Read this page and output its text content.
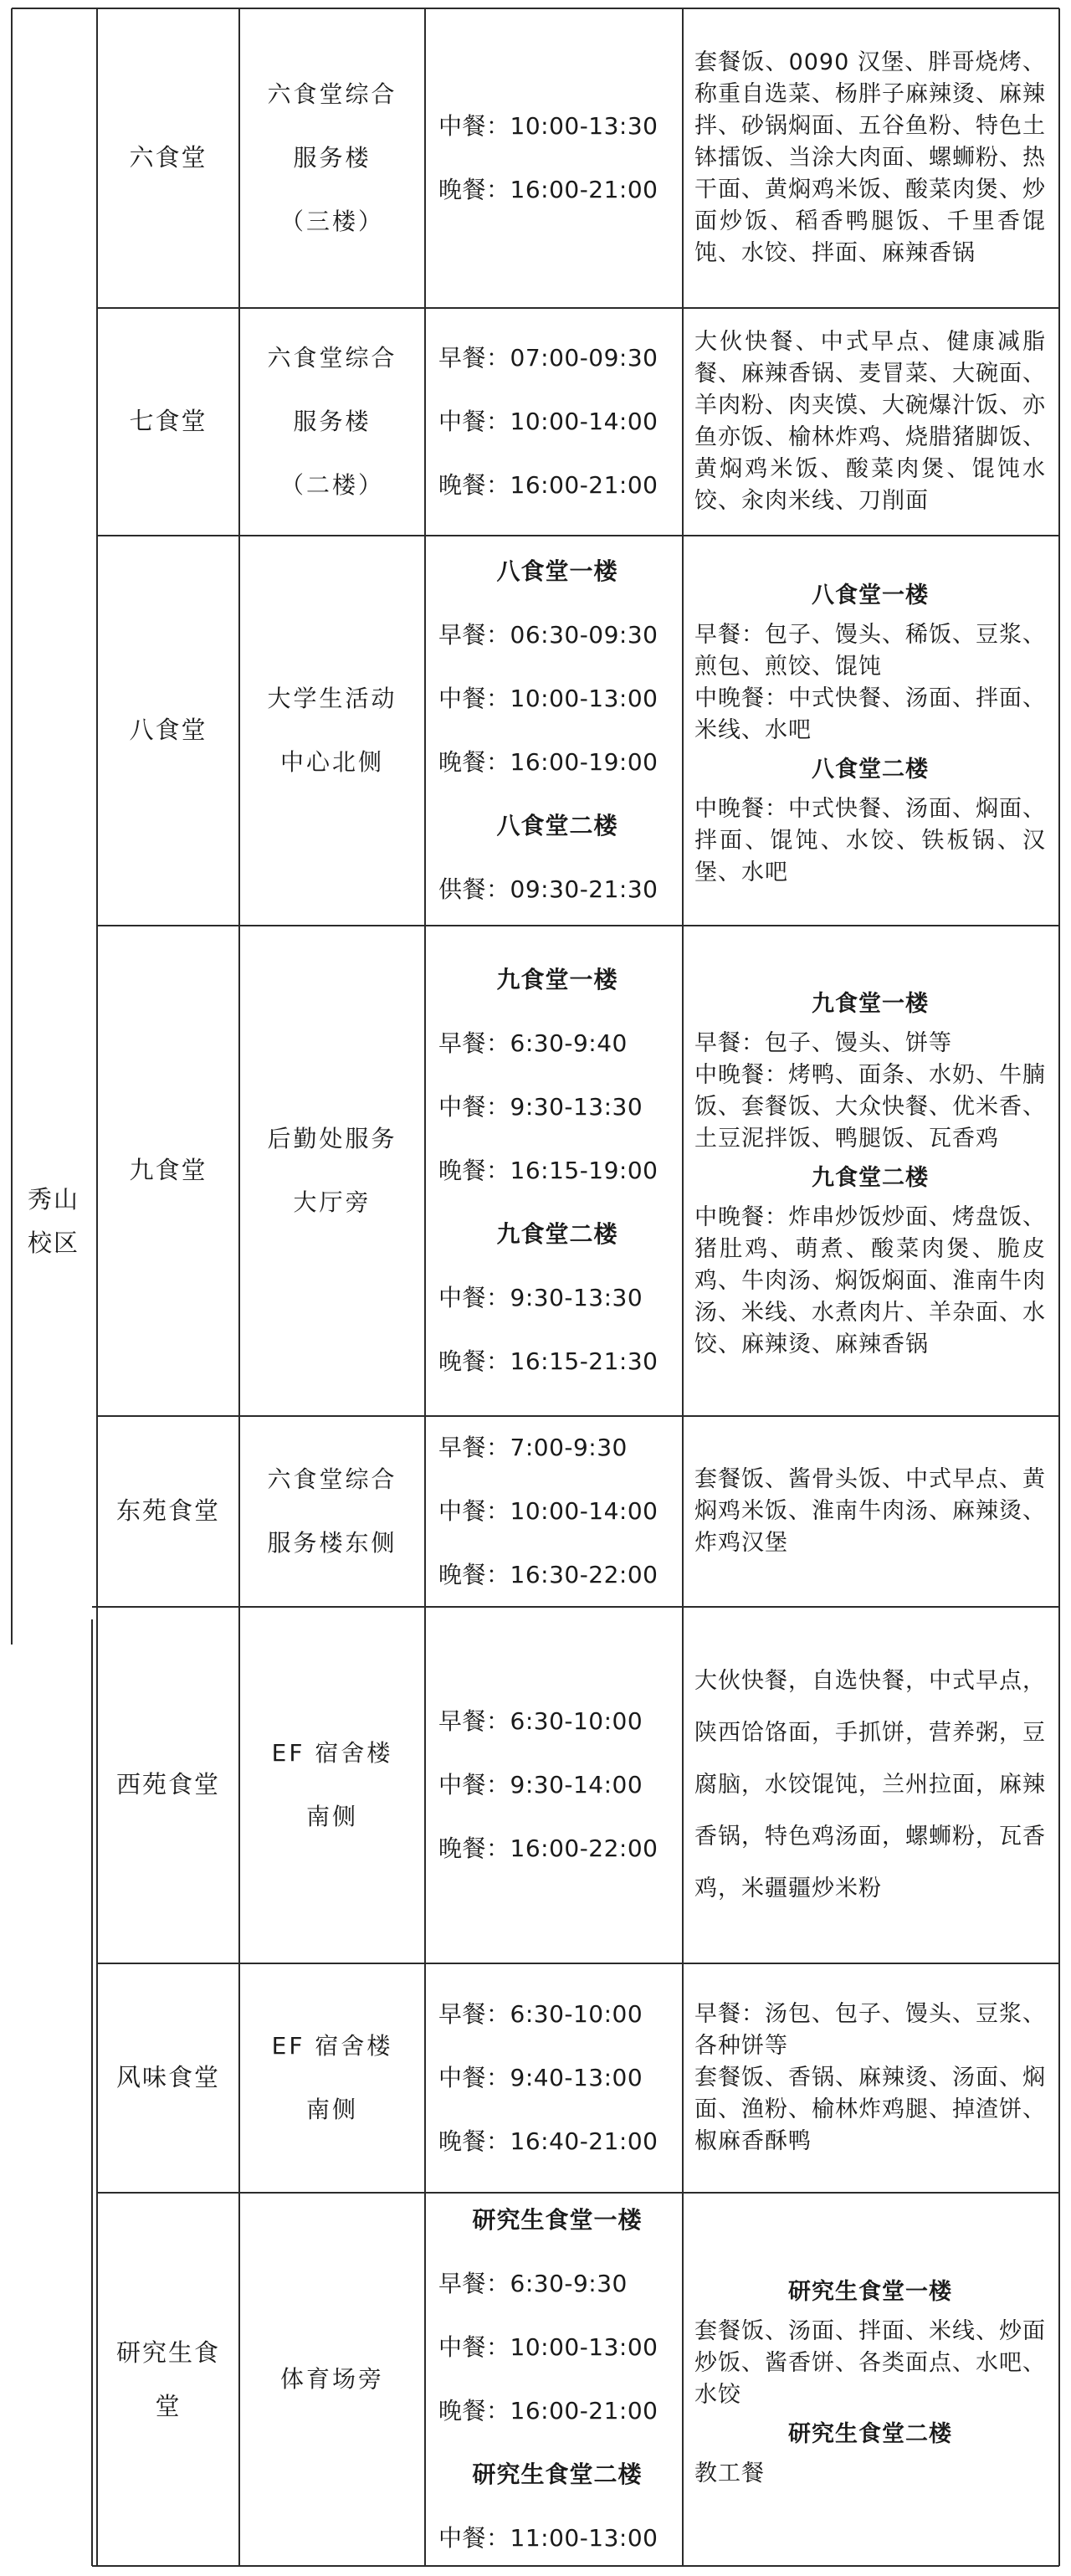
六食堂
六食堂综合
服务楼
（三楼）
中餐：10:00-13:30
晚餐：16:00-21:00
套餐饭、0090 汉堡、胖哥烧烤、称重自选菜、杨胖子麻辣烫、麻辣拌、砂锅焖面、五谷鱼粉、特色土钵擂饭、当涂大肉面、螺蛳粉、热干面、黄焖鸡米饭、酸菜肉煲、炒面炒饭、稻香鸭腿饭、千里香馄饨、水饺、拌面、麻辣香锅
七食堂
六食堂综合
服务楼
（二楼）
早餐：07:00-09:30
中餐：10:00-14:00
晚餐：16:00-21:00
大伙快餐、中式早点、健康减脂餐、麻辣香锅、麦冒菜、大碗面、羊肉粉、肉夹馍、大碗爆汁饭、亦鱼亦饭、榆林炸鸡、烧腊猪脚饭、黄焖鸡米饭、酸菜肉煲、馄饨水饺、汆肉米线、刀削面
八食堂
大学生活动
中心北侧
八食堂一楼
早餐：06:30-09:30
中餐：10:00-13:00
晚餐：16:00-19:00
八食堂二楼
供餐：09:30-21:30
八食堂一楼
早餐：包子、馒头、稀饭、豆浆、煎包、煎饺、馄饨
中晚餐：中式快餐、汤面、拌面、米线、水吧
八食堂二楼
中晚餐：中式快餐、汤面、焖面、拌面、馄饨、水饺、铁板锅、汉堡、水吧
九食堂
后勤处服务
大厅旁
九食堂一楼
早餐：6:30-9:40
中餐：9:30-13:30
晚餐：16:15-19:00
九食堂二楼
中餐：9:30-13:30
晚餐：16:15-21:30
九食堂一楼
早餐：包子、馒头、饼等
中晚餐：烤鸭、面条、水奶、牛腩饭、套餐饭、大众快餐、优米香、土豆泥拌饭、鸭腿饭、瓦香鸡
九食堂二楼
中晚餐：炸串炒饭炒面、烤盘饭、猪肚鸡、萌煮、酸菜肉煲、脆皮鸡、牛肉汤、焖饭焖面、淮南牛肉汤、米线、水煮肉片、羊杂面、水饺、麻辣烫、麻辣香锅
东苑食堂
六食堂综合
服务楼东侧
早餐：7:00-9:30
中餐：10:00-14:00
晚餐：16:30-22:00
套餐饭、酱骨头饭、中式早点、黄焖鸡米饭、淮南牛肉汤、麻辣烫、炸鸡汉堡
西苑食堂
EF 宿舍楼
南侧
早餐：6:30-10:00
中餐：9:30-14:00
晚餐：16:00-22:00
大伙快餐，自选快餐，中式早点，陕西饸饹面，手抓饼，营养粥，豆腐脑，水饺馄饨，兰州拉面，麻辣香锅，特色鸡汤面，螺蛳粉，瓦香鸡，米疆疆炒米粉
风味食堂
EF 宿舍楼
南侧
早餐：6:30-10:00
中餐：9:40-13:00
晚餐：16:40-21:00
早餐：汤包、包子、馒头、豆浆、各种饼等
套餐饭、香锅、麻辣烫、汤面、焖面、渔粉、榆林炸鸡腿、掉渣饼、椒麻香酥鸭
研究生食堂
体育场旁
研究生食堂一楼
早餐：6:30-9:30
中餐：10:00-13:00
晚餐：16:00-21:00
研究生食堂二楼
中餐：11:00-13:00
研究生食堂一楼
套餐饭、汤面、拌面、米线、炒面炒饭、酱香饼、各类面点、水吧、水饺
研究生食堂二楼
教工餐
秀山
校区
